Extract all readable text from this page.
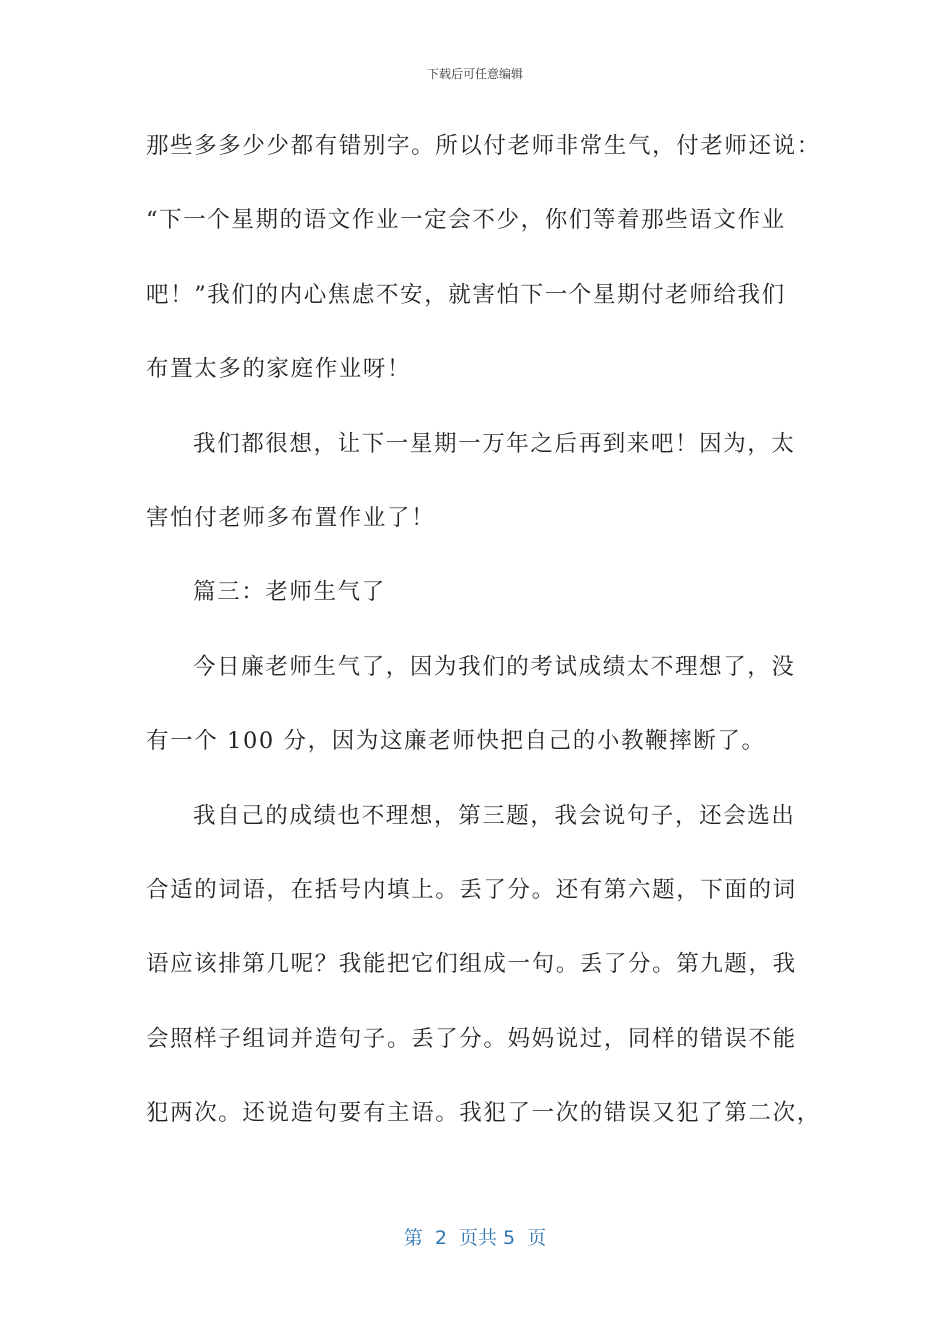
下载后可任意编辑
那些多多少少都有错别字。所以付老师非常生气，付老师还说：
“下一个星期的语文作业一定会不少，你们等着那些语文作业
吧！”我们的内心焦虑不安，就害怕下一个星期付老师给我们
布置太多的家庭作业呀！
我们都很想，让下一星期一万年之后再到来吧！因为，太
害怕付老师多布置作业了！
篇三：老师生气了
今日廉老师生气了，因为我们的考试成绩太不理想了，没
有一个 100 分，因为这廉老师快把自己的小教鞭摔断了。
我自己的成绩也不理想，第三题，我会说句子，还会选出
合适的词语，在括号内填上。丢了分。还有第六题，下面的词
语应该排第几呢？我能把它们组成一句。丢了分。第九题，我
会照样子组词并造句子。丢了分。妈妈说过，同样的错误不能
犯两次。还说造句要有主语。我犯了一次的错误又犯了第二次，
第  2  页共 5  页
